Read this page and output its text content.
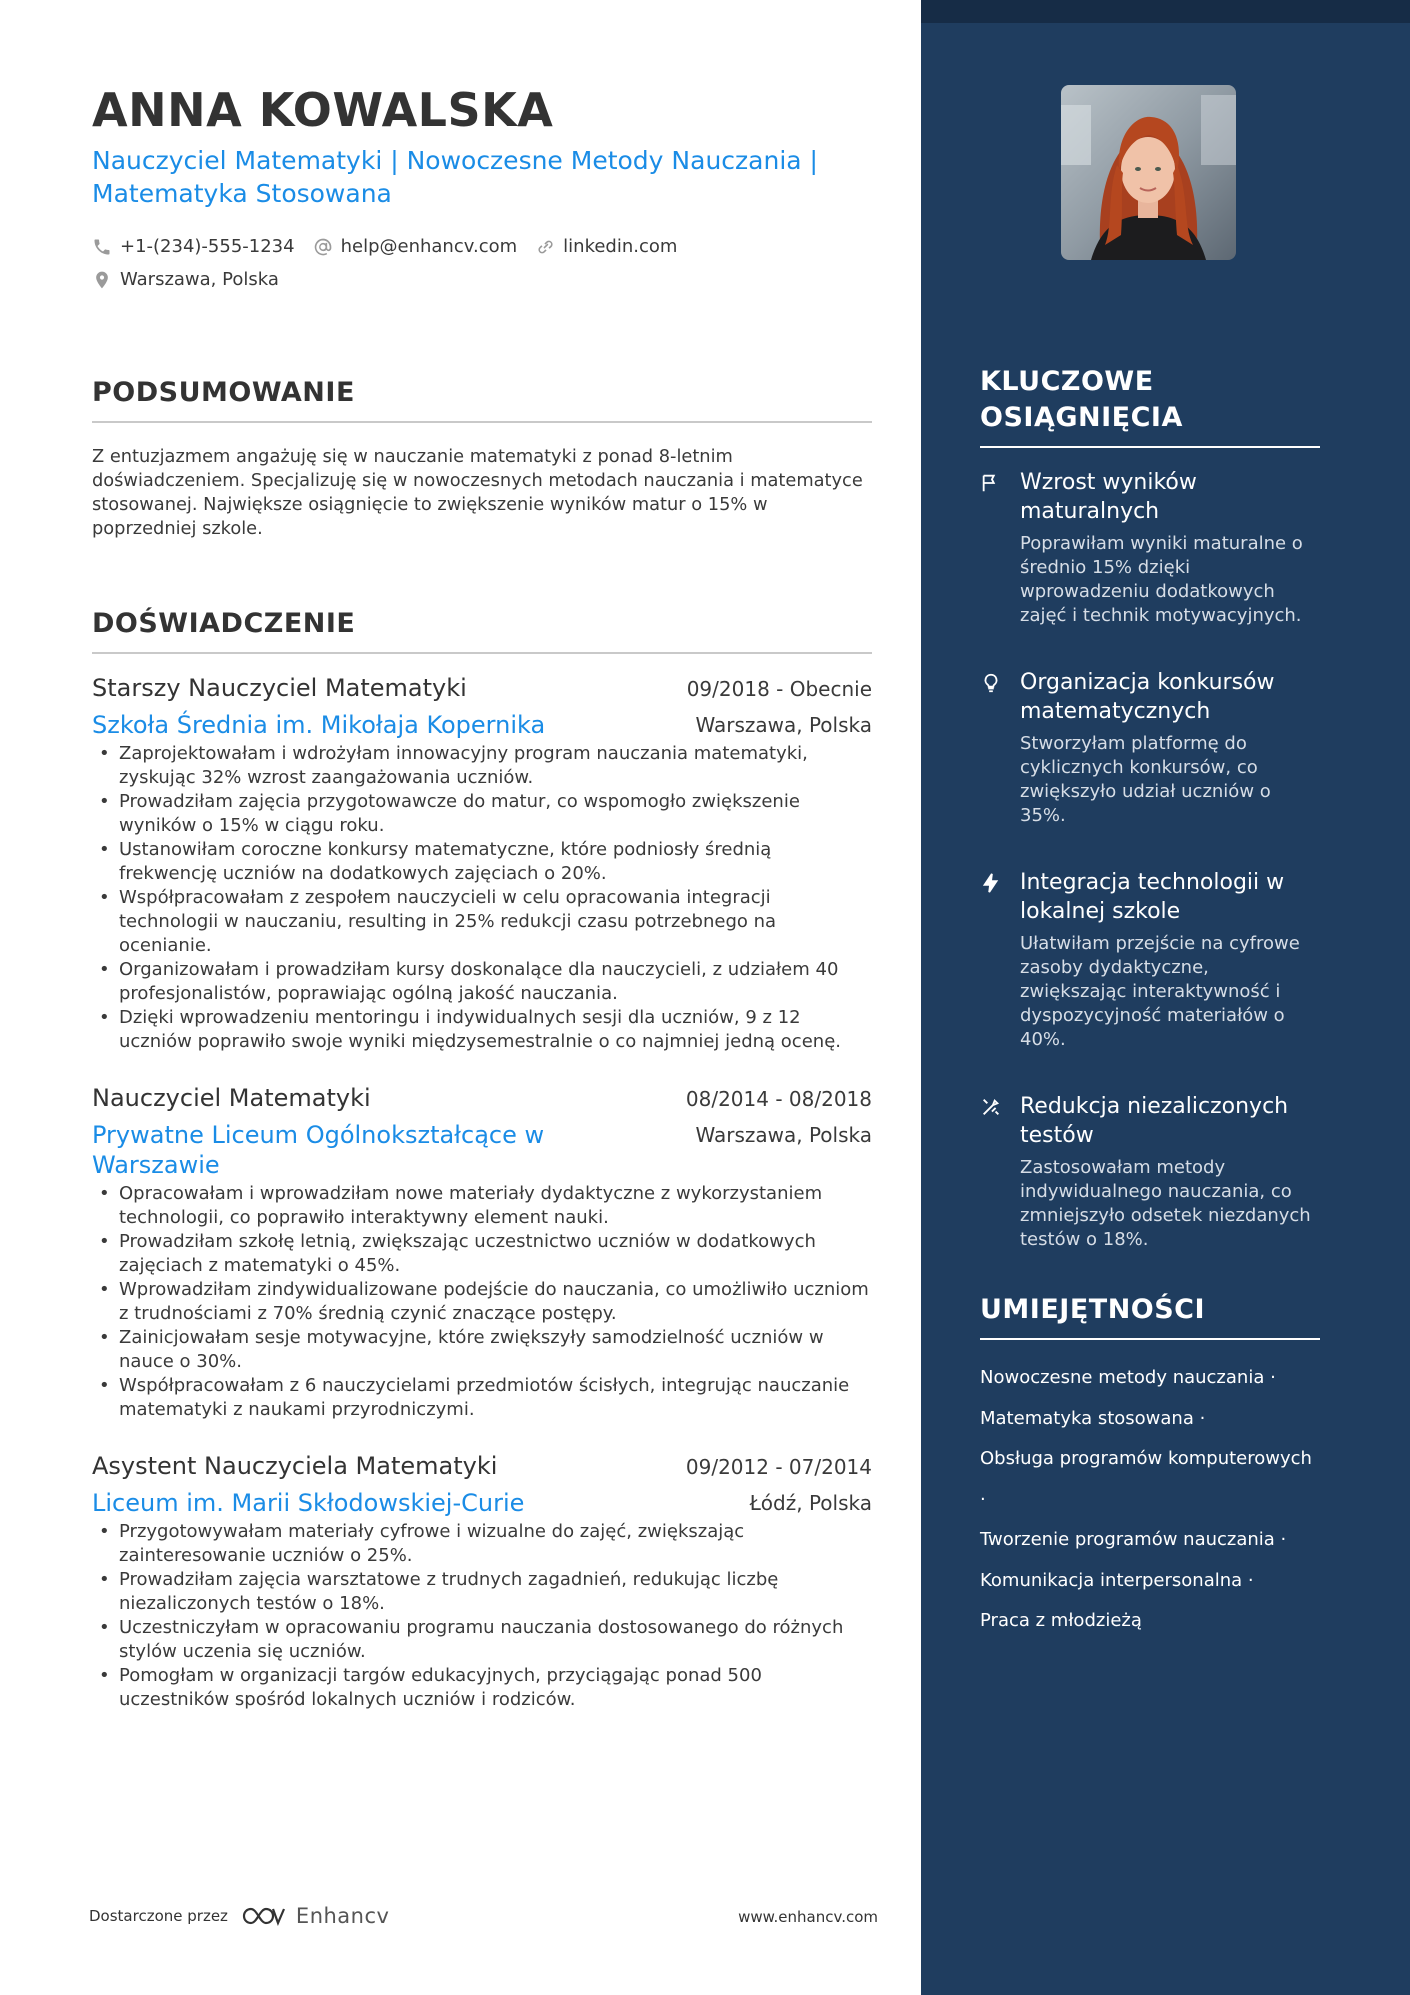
ANNA KOWALSKA
Nauczyciel Matematyki | Nowoczesne Metody Nauczania | Matematyka Stosowana
+1-(234)-555-1234	help@enhancv.com	linkedin.com
Warszawa, Polska
PODSUMOWANIE

Z entuzjazmem angażuję się w nauczanie matematyki z ponad 8-letnim doświadczeniem. Specjalizuję się w nowoczesnych metodach nauczania i matematyce stosowanej. Największe osiągnięcie to zwiększenie wyników matur o 15% w poprzedniej szkole.

DOŚWIADCZENIE
Starszy Nauczyciel Matematyki	09/2018 - Obecnie
Szkoła Średnia im. Mikołaja Kopernika	Warszawa, Polska
• Zaprojektowałam i wdrożyłam innowacyjny program nauczania matematyki, zyskując 32% wzrost zaangażowania uczniów.
• Prowadziłam zajęcia przygotowawcze do matur, co wspomogło zwiększenie wyników o 15% w ciągu roku.
• Ustanowiłam coroczne konkursy matematyczne, które podniosły średnią frekwencję uczniów na dodatkowych zajęciach o 20%.
• Współpracowałam z zespołem nauczycieli w celu opracowania integracji technologii w nauczaniu, resulting in 25% redukcji czasu potrzebnego na ocenianie.
• Organizowałam i prowadziłam kursy doskonalące dla nauczycieli, z udziałem 40 profesjonalistów, poprawiając ogólną jakość nauczania.
• Dzięki wprowadzeniu mentoringu i indywidualnych sesji dla uczniów, 9 z 12 uczniów poprawiło swoje wyniki międzysemestralnie o co najmniej jedną ocenę.
Nauczyciel Matematyki	08/2014 - 08/2018
Prywatne Liceum Ogólnokształcące w Warszawie
Warszawa, Polska
• Opracowałam i wprowadziłam nowe materiały dydaktyczne z wykorzystaniem technologii, co poprawiło interaktywny element nauki.
• Prowadziłam szkołę letnią, zwiększając uczestnictwo uczniów w dodatkowych zajęciach z matematyki o 45%.
• Wprowadziłam zindywidualizowane podejście do nauczania, co umożliwiło uczniom z trudnościami z 70% średnią czynić znaczące postępy.
• Zainicjowałam sesje motywacyjne, które zwiększyły samodzielność uczniów w nauce o 30%.
• Współpracowałam z 6 nauczycielami przedmiotów ścisłych, integrując nauczanie matematyki z naukami przyrodniczymi.
Asystent Nauczyciela Matematyki	09/2012 - 07/2014
Liceum im. Marii Skłodowskiej-Curie	Łódź, Polska
• Przygotowywałam materiały cyfrowe i wizualne do zajęć, zwiększając zainteresowanie uczniów o 25%.
• Prowadziłam zajęcia warsztatowe z trudnych zagadnień, redukując liczbę niezaliczonych testów o 18%.
• Uczestniczyłam w opracowaniu programu nauczania dostosowanego do różnych stylów uczenia się uczniów.
• Pomogłam w organizacji targów edukacyjnych, przyciągając ponad 500 uczestników spośród lokalnych uczniów i rodziców.
Dostarczone przez	Enhancv	www.enhancv.com
KLUCZOWE OSIĄGNIĘCIA
Wzrost wyników maturalnych
Poprawiłam wyniki maturalne o średnio 15% dzięki wprowadzeniu dodatkowych zajęć i technik motywacyjnych.
Organizacja konkursów matematycznych
Stworzyłam platformę do cyklicznych konkursów, co zwiększyło udział uczniów o 35%.
Integracja technologii w lokalnej szkole
Ułatwiłam przejście na cyfrowe zasoby dydaktyczne, zwiększając interaktywność i dyspozycyjność materiałów o 40%.
Redukcja niezaliczonych testów
Zastosowałam metody indywidualnego nauczania, co zmniejszyło odsetek niezdanych testów o 18%.
UMIEJĘTNOŚCI
Nowoczesne metody nauczania ·
Matematyka stosowana ·
Obsługa programów komputerowych ·
Tworzenie programów nauczania ·
Komunikacja interpersonalna ·
Praca z młodzieżą
